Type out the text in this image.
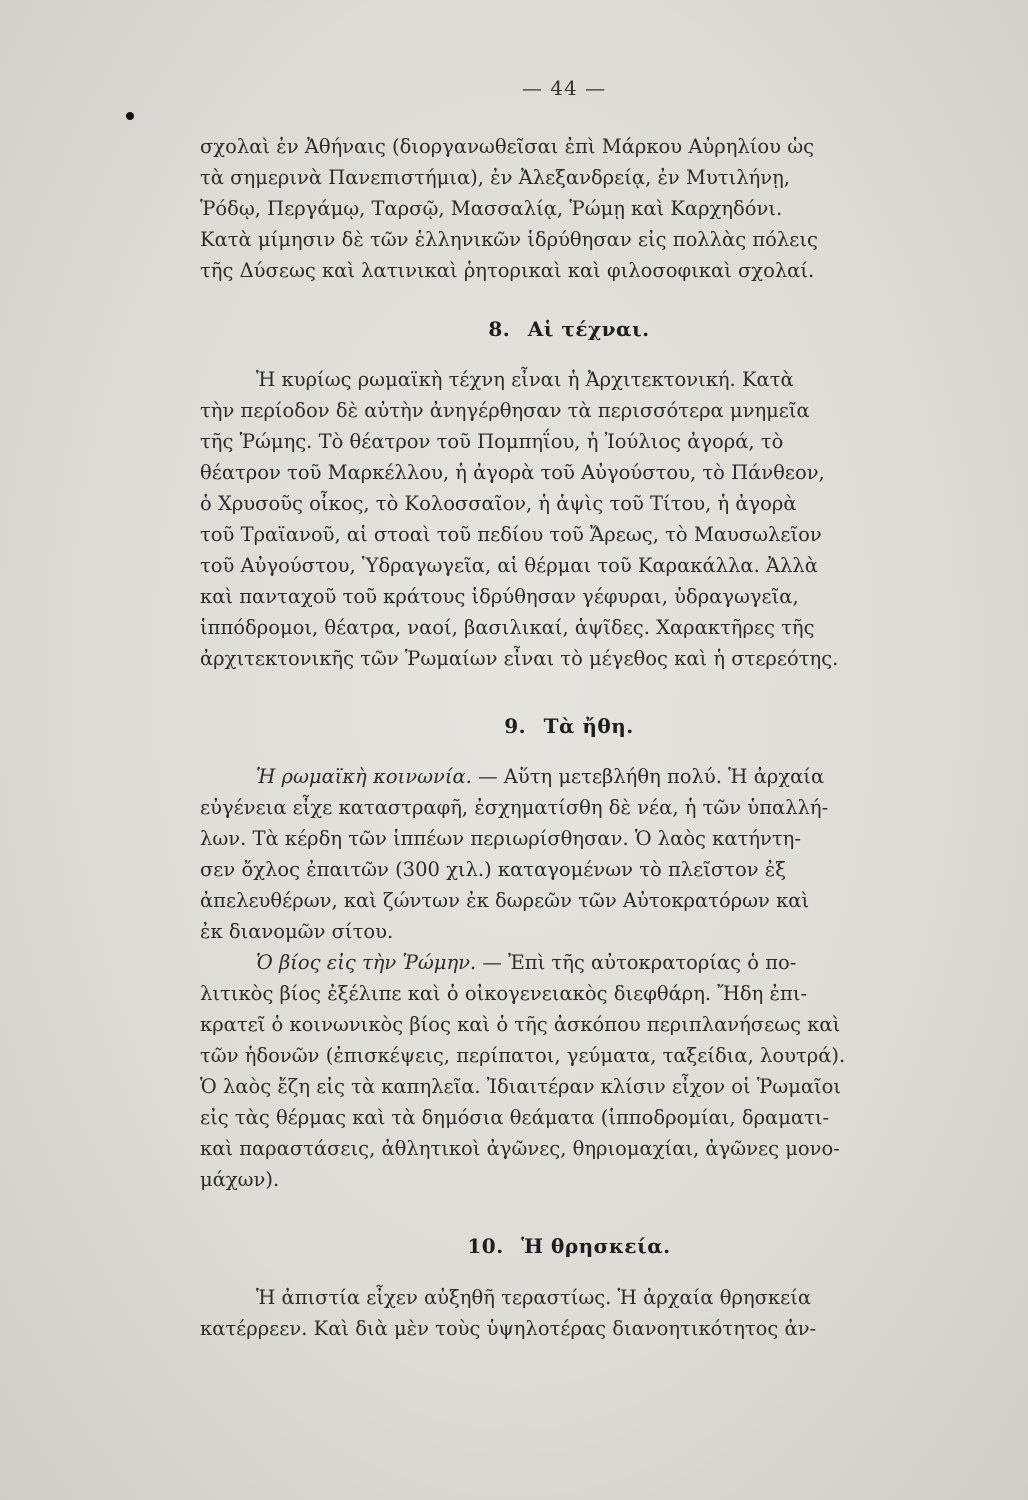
— 44 —

σχολαὶ ἐν Ἀθήναις (διοργανωθεῖσαι ἐπὶ Μάρκου Αὐρηλίου ὡς

τὰ σημερινὰ Πανεπιστήμια), ἐν Ἀλεξανδρείᾳ, ἐν Μυτιλήνῃ,

Ῥόδῳ, Περγάμῳ, Ταρσῷ, Μασσαλίᾳ, Ῥώμῃ καὶ Καρχηδόνι.

Κατὰ μίμησιν δὲ τῶν ἑλληνικῶν ἱδρύθησαν εἰς πολλὰς πόλεις

τῆς Δύσεως καὶ λατινικαὶ ῥητορικαὶ καὶ φιλοσοφικαὶ σχολαί.

8. Αἱ τέχναι.

Ἡ κυρίως ρωμαϊκὴ τέχνη εἶναι ἡ Ἀρχιτεκτονική. Κατὰ

τὴν περίοδον δὲ αὐτὴν ἀνηγέρθησαν τὰ περισσότερα μνημεῖα

τῆς Ῥώμης. Τὸ θέατρον τοῦ Πομπηΐου, ἡ Ἰούλιος ἀγορά, τὸ

θέατρον τοῦ Μαρκέλλου, ἡ ἀγορὰ τοῦ Αὐγούστου, τὸ Πάνθεον,

ὁ Χρυσοῦς οἶκος, τὸ Κολοσσαῖον, ἡ ἁψὶς τοῦ Τίτου, ἡ ἀγορὰ

τοῦ Τραϊανοῦ, αἱ στοαὶ τοῦ πεδίου τοῦ Ἄρεως, τὸ Μαυσωλεῖον

τοῦ Αὐγούστου, Ὑδραγωγεῖα, αἱ θέρμαι τοῦ Καρακάλλα. Ἀλλὰ

καὶ πανταχοῦ τοῦ κράτους ἱδρύθησαν γέφυραι, ὑδραγωγεῖα,

ἱππόδρομοι, θέατρα, ναοί, βασιλικαί, ἁψῖδες. Χαρακτῆρες τῆς

ἀρχιτεκτονικῆς τῶν Ῥωμαίων εἶναι τὸ μέγεθος καὶ ἡ στερεότης.

9. Τὰ ἤθη.

Ἡ ρωμαϊκὴ κοινωνία. — Αὕτη μετεβλήθη πολύ. Ἡ ἀρχαία

εὐγένεια εἶχε καταστραφῆ, ἐσχηματίσθη δὲ νέα, ἡ τῶν ὑπαλλή-

λων. Τὰ κέρδη τῶν ἱππέων περιωρίσθησαν. Ὁ λαὸς κατήντη-

σεν ὄχλος ἐπαιτῶν (300 χιλ.) καταγομένων τὸ πλεῖστον ἐξ

ἀπελευθέρων, καὶ ζώντων ἐκ δωρεῶν τῶν Αὐτοκρατόρων καὶ

ἐκ διανομῶν σίτου.

Ὁ βίος εἰς τὴν Ῥώμην. — Ἐπὶ τῆς αὐτοκρατορίας ὁ πο-

λιτικὸς βίος ἐξέλιπε καὶ ὁ οἰκογενειακὸς διεφθάρη. Ἤδη ἐπι-

κρατεῖ ὁ κοινωνικὸς βίος καὶ ὁ τῆς ἀσκόπου περιπλανήσεως καὶ

τῶν ἡδονῶν (ἐπισκέψεις, περίπατοι, γεύματα, ταξείδια, λουτρά).

Ὁ λαὸς ἔζη εἰς τὰ καπηλεῖα. Ἰδιαιτέραν κλίσιν εἶχον οἱ Ῥωμαῖοι

εἰς τὰς θέρμας καὶ τὰ δημόσια θεάματα (ἱπποδρομίαι, δραματι-

καὶ παραστάσεις, ἀθλητικοὶ ἀγῶνες, θηριομαχίαι, ἀγῶνες μονο-

μάχων).

10. Ἡ θρησκεία.

Ἡ ἀπιστία εἶχεν αὐξηθῆ τεραστίως. Ἡ ἀρχαία θρησκεία

κατέρρεεν. Καὶ διὰ μὲν τοὺς ὑψηλοτέρας διανοητικότητος ἀν-
